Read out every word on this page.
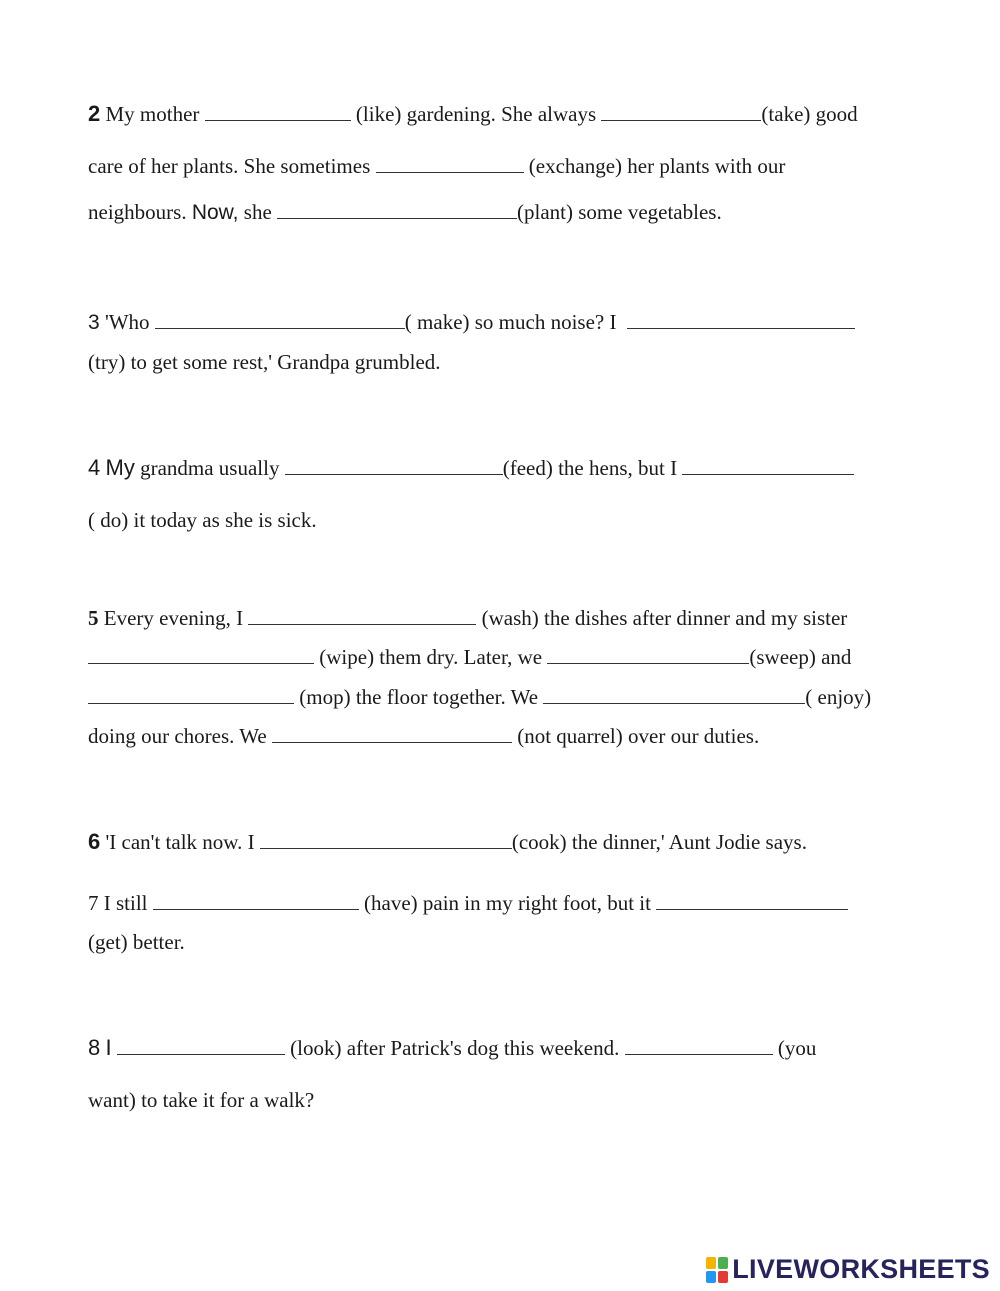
2 My mother	(like) gardening. She always	(take) good
care of her plants. She sometimes	(exchange) her plants with our
neighbours. Now, she	(plant) some vegetables.
3 'Who	( make) so much noise? I
(try) to get some rest,' Grandpa grumbled.
4 My grandma usually	(feed) the hens, but I
( do) it today as she is sick.
5 Every evening, I	(wash) the dishes after dinner and my sister
(wipe) them dry. Later, we	(sweep) and
(mop) the floor together. We	( enjoy)
doing our chores. We	(not quarrel) over our duties.
6 'I can't talk now. I	(cook) the dinner,' Aunt Jodie says.
7 I still	(have) pain in my right foot, but it
(get) better.
8 I	(look) after Patrick's dog this weekend.	(you
want) to take it for a walk?
LIVEWORKSHEETS
